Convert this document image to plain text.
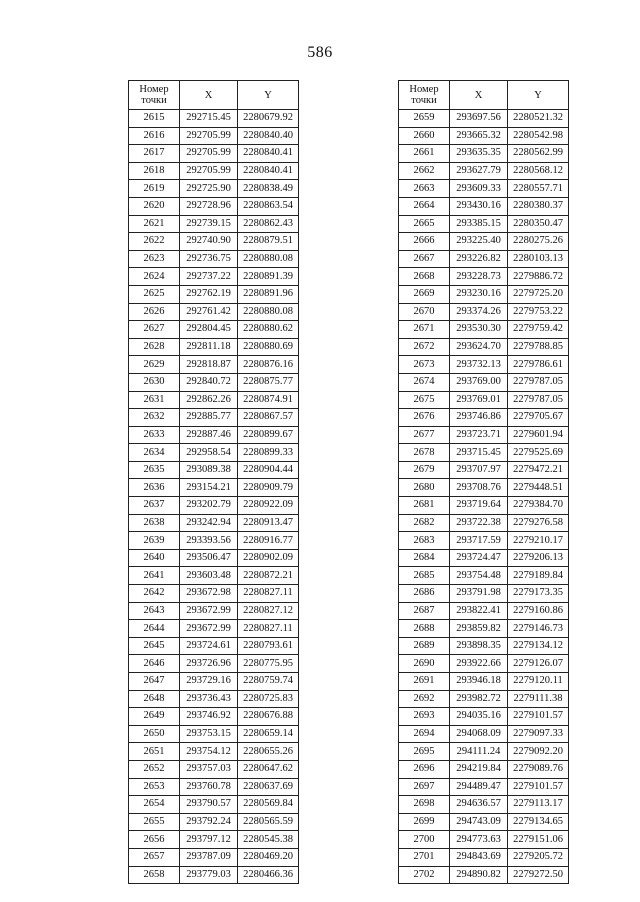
586
Номер
точки	X	Y
2615	292715.45	2280679.92
2616	292705.99	2280840.40
2617	292705.99	2280840.41
2618	292705.99	2280840.41
2619	292725.90	2280838.49
2620	292728.96	2280863.54
2621	292739.15	2280862.43
2622	292740.90	2280879.51
2623	292736.75	2280880.08
2624	292737.22	2280891.39
2625	292762.19	2280891.96
2626	292761.42	2280880.08
2627	292804.45	2280880.62
2628	292811.18	2280880.69
2629	292818.87	2280876.16
2630	292840.72	2280875.77
2631	292862.26	2280874.91
2632	292885.77	2280867.57
2633	292887.46	2280899.67
2634	292958.54	2280899.33
2635	293089.38	2280904.44
2636	293154.21	2280909.79
2637	293202.79	2280922.09
2638	293242.94	2280913.47
2639	293393.56	2280916.77
2640	293506.47	2280902.09
2641	293603.48	2280872.21
2642	293672.98	2280827.11
2643	293672.99	2280827.12
2644	293672.99	2280827.11
2645	293724.61	2280793.61
2646	293726.96	2280775.95
2647	293729.16	2280759.74
2648	293736.43	2280725.83
2649	293746.92	2280676.88
2650	293753.15	2280659.14
2651	293754.12	2280655.26
2652	293757.03	2280647.62
2653	293760.78	2280637.69
2654	293790.57	2280569.84
2655	293792.24	2280565.59
2656	293797.12	2280545.38
2657	293787.09	2280469.20
2658	293779.03	2280466.36
Номер
точки	X	Y
2659	293697.56	2280521.32
2660	293665.32	2280542.98
2661	293635.35	2280562.99
2662	293627.79	2280568.12
2663	293609.33	2280557.71
2664	293430.16	2280380.37
2665	293385.15	2280350.47
2666	293225.40	2280275.26
2667	293226.82	2280103.13
2668	293228.73	2279886.72
2669	293230.16	2279725.20
2670	293374.26	2279753.22
2671	293530.30	2279759.42
2672	293624.70	2279788.85
2673	293732.13	2279786.61
2674	293769.00	2279787.05
2675	293769.01	2279787.05
2676	293746.86	2279705.67
2677	293723.71	2279601.94
2678	293715.45	2279525.69
2679	293707.97	2279472.21
2680	293708.76	2279448.51
2681	293719.64	2279384.70
2682	293722.38	2279276.58
2683	293717.59	2279210.17
2684	293724.47	2279206.13
2685	293754.48	2279189.84
2686	293791.98	2279173.35
2687	293822.41	2279160.86
2688	293859.82	2279146.73
2689	293898.35	2279134.12
2690	293922.66	2279126.07
2691	293946.18	2279120.11
2692	293982.72	2279111.38
2693	294035.16	2279101.57
2694	294068.09	2279097.33
2695	294111.24	2279092.20
2696	294219.84	2279089.76
2697	294489.47	2279101.57
2698	294636.57	2279113.17
2699	294743.09	2279134.65
2700	294773.63	2279151.06
2701	294843.69	2279205.72
2702	294890.82	2279272.50
